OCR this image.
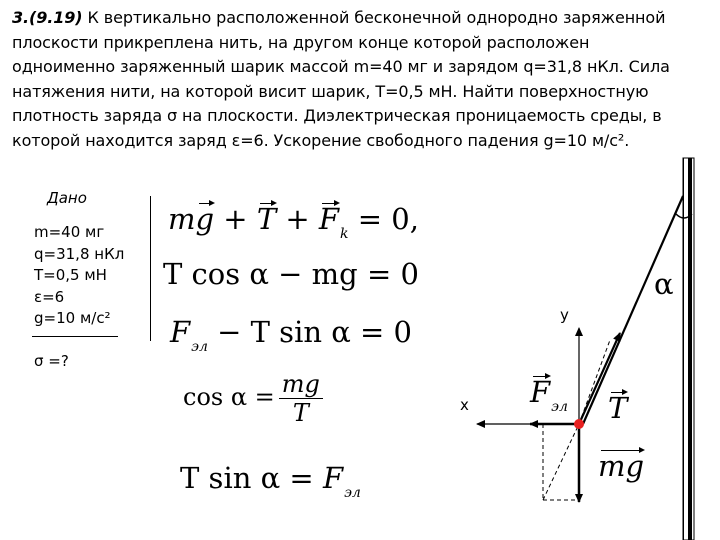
3.(9.19) К вертикально расположенной бесконечной однородно заряженной
плоскости прикреплена нить, на другом конце которой расположен
одноименно заряженный шарик массой m=40 мг и зарядом q=31,8 нКл. Сила
натяжения нити, на которой висит шарик, T=0,5 мН. Найти поверхностную
плотность заряда σ на плоскости. Диэлектрическая проницаемость среды, в
которой находится заряд ε=6. Ускорение свободного падения g=10 м/с².
Дано
m=40 мг
q=31,8 нКл
T=0,5 мН
ε=6
g=10 м/с²
σ =?
mg + $T + F_k = 0$,
T cos α − mg = 0
$F_{эл} - T$ sin α = 0
$\cos \alpha = \frac{mg}{T}$
T $\sin \alpha = F_{эл}$
α
y
x $F_{эл}$ T
mg
